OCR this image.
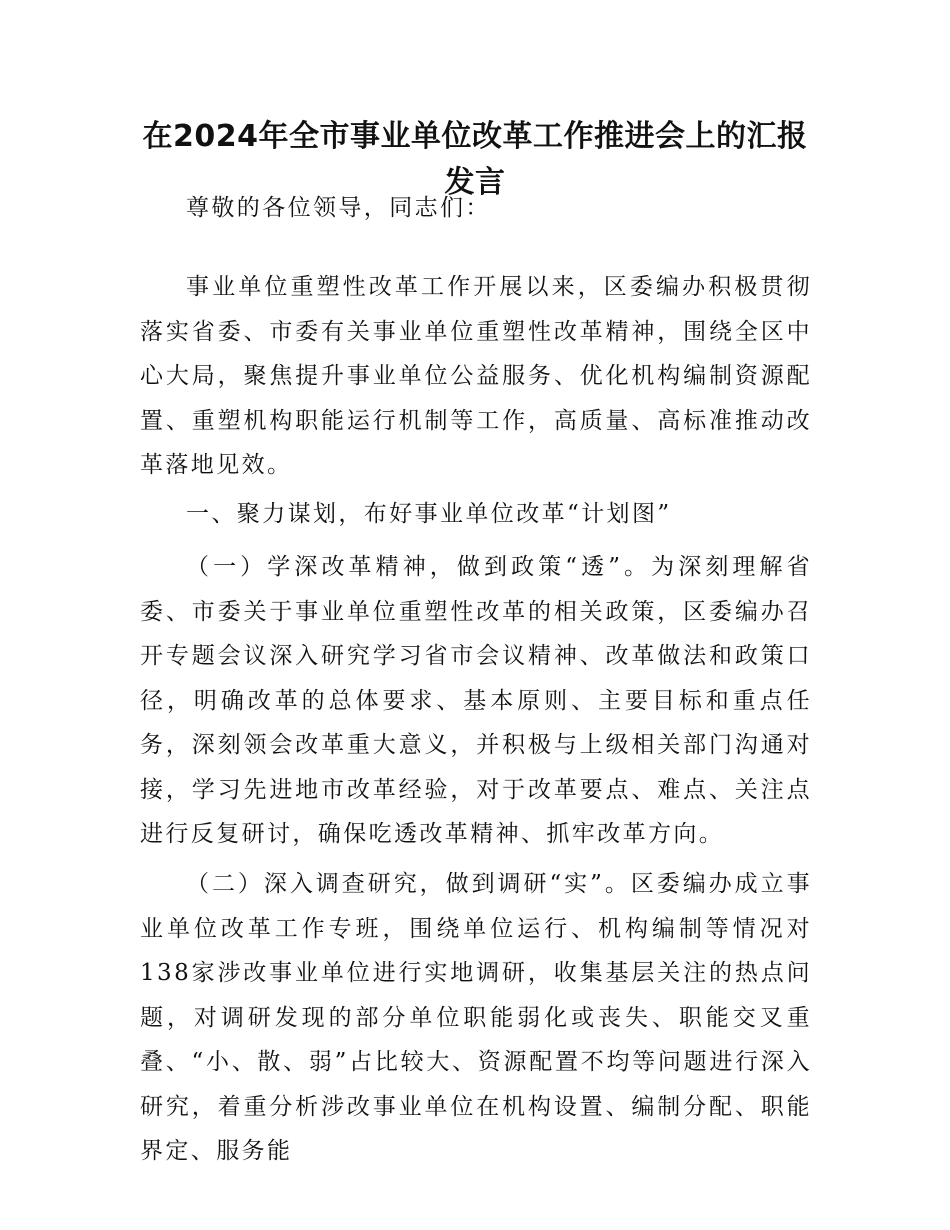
在2024年全市事业单位改革工作推进会上的汇报发言

尊敬的各位领导，同志们：

事业单位重塑性改革工作开展以来，区委编办积极贯彻落实省委、市委有关事业单位重塑性改革精神，围绕全区中心大局，聚焦提升事业单位公益服务、优化机构编制资源配置、重塑机构职能运行机制等工作，高质量、高标准推动改革落地见效。

一、聚力谋划，布好事业单位改革“计划图”

（一）学深改革精神，做到政策“透”。为深刻理解省委、市委关于事业单位重塑性改革的相关政策，区委编办召开专题会议深入研究学习省市会议精神、改革做法和政策口径，明确改革的总体要求、基本原则、主要目标和重点任务，深刻领会改革重大意义，并积极与上级相关部门沟通对接，学习先进地市改革经验，对于改革要点、难点、关注点进行反复研讨，确保吃透改革精神、抓牢改革方向。

（二）深入调查研究，做到调研“实”。区委编办成立事业单位改革工作专班，围绕单位运行、机构编制等情况对138家涉改事业单位进行实地调研，收集基层关注的热点问题，对调研发现的部分单位职能弱化或丧失、职能交叉重叠、“小、散、弱”占比较大、资源配置不均等问题进行深入研究，着重分析涉改事业单位在机构设置、编制分配、职能界定、服务能
